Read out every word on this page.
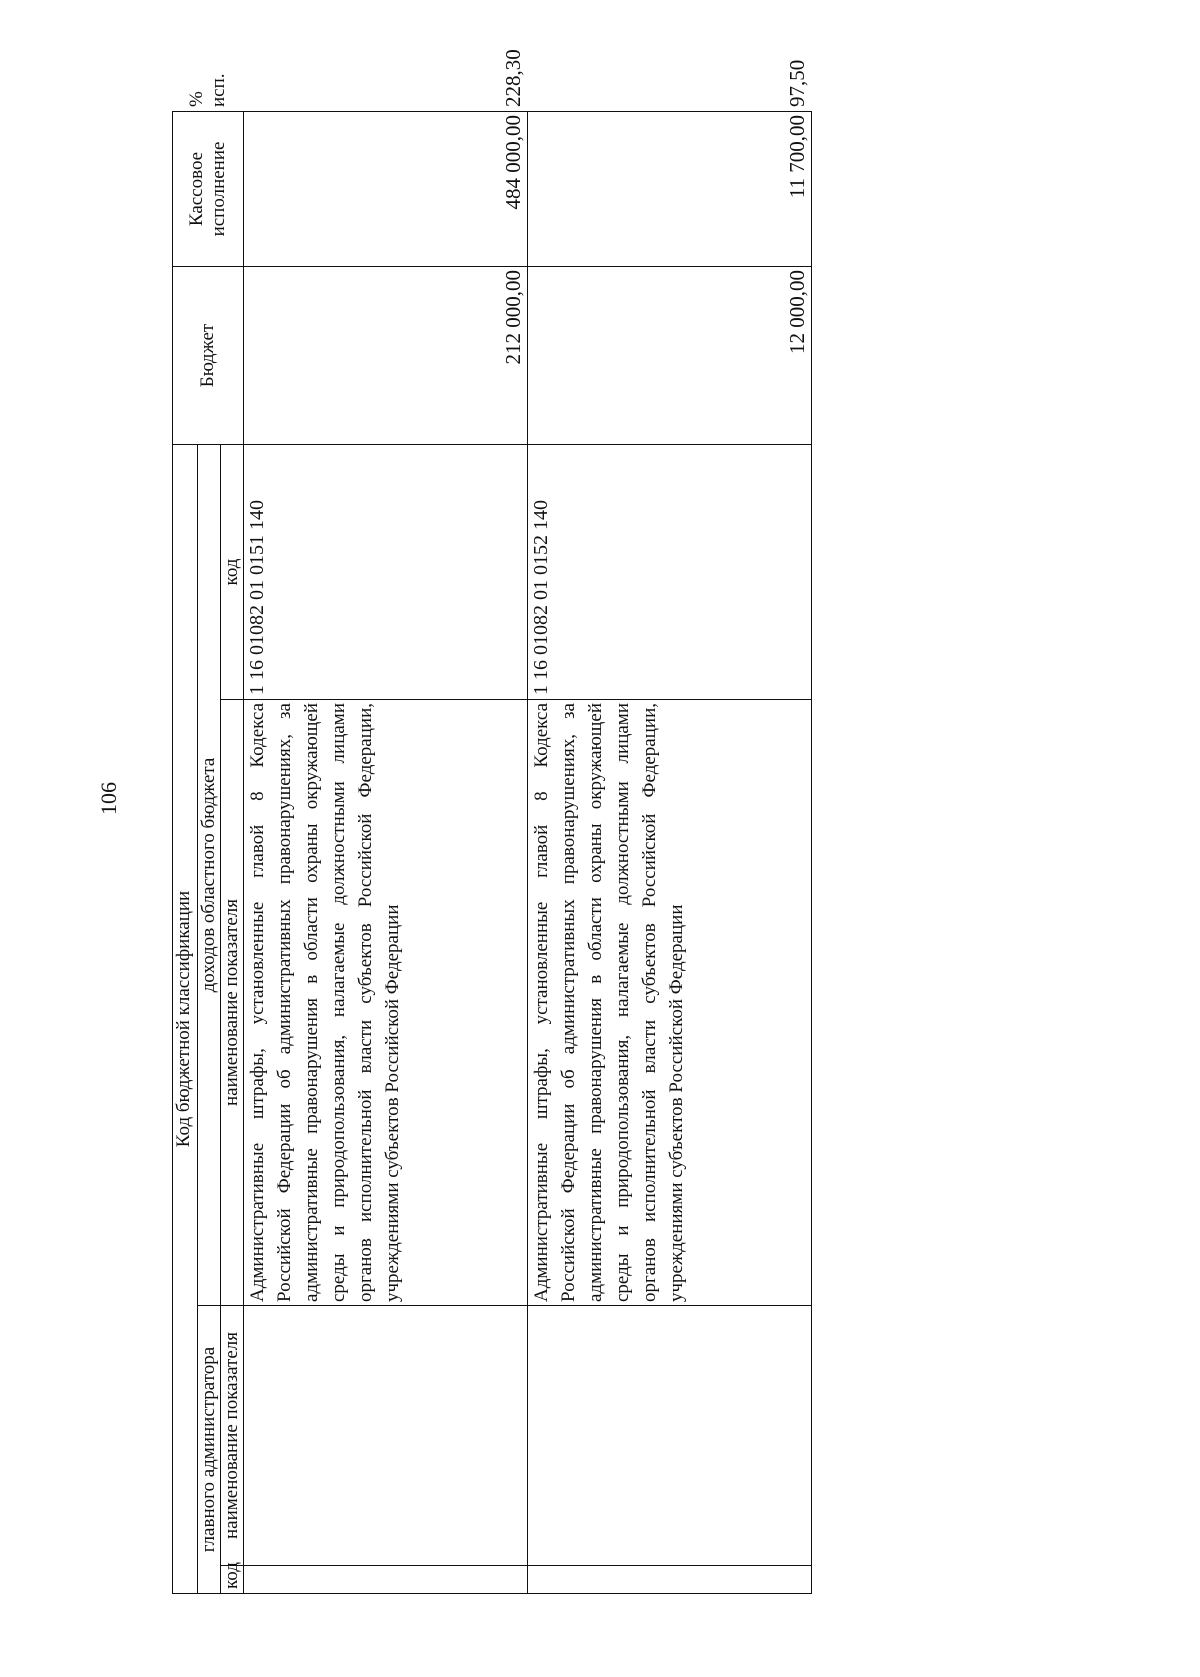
106
Код бюджетной классификации				Бюджет	Кассовое исполнение	% исп.
главного администратора		доходов областного бюджета				
код	наименование показателя	наименование показателя	код			
		Административные штрафы, установленные главой 8 Кодекса Российской Федерации об административных правонарушениях, за административные правонарушения в области охраны окружающей среды и природопользования, налагаемые должностными лицами органов исполнительной власти субъектов Российской Федерации, учреждениями субъектов Российской Федерации	1 16 01082 01 0151 140	212 000,00	484 000,00	228,30
		Административные штрафы, установленные главой 8 Кодекса Российской Федерации об административных правонарушениях, за административные правонарушения в области охраны окружающей среды и природопользования, налагаемые должностными лицами органов исполнительной власти субъектов Российской Федерации, учреждениями субъектов Российской Федерации	1 16 01082 01 0152 140	12 000,00	11 700,00	97,50
